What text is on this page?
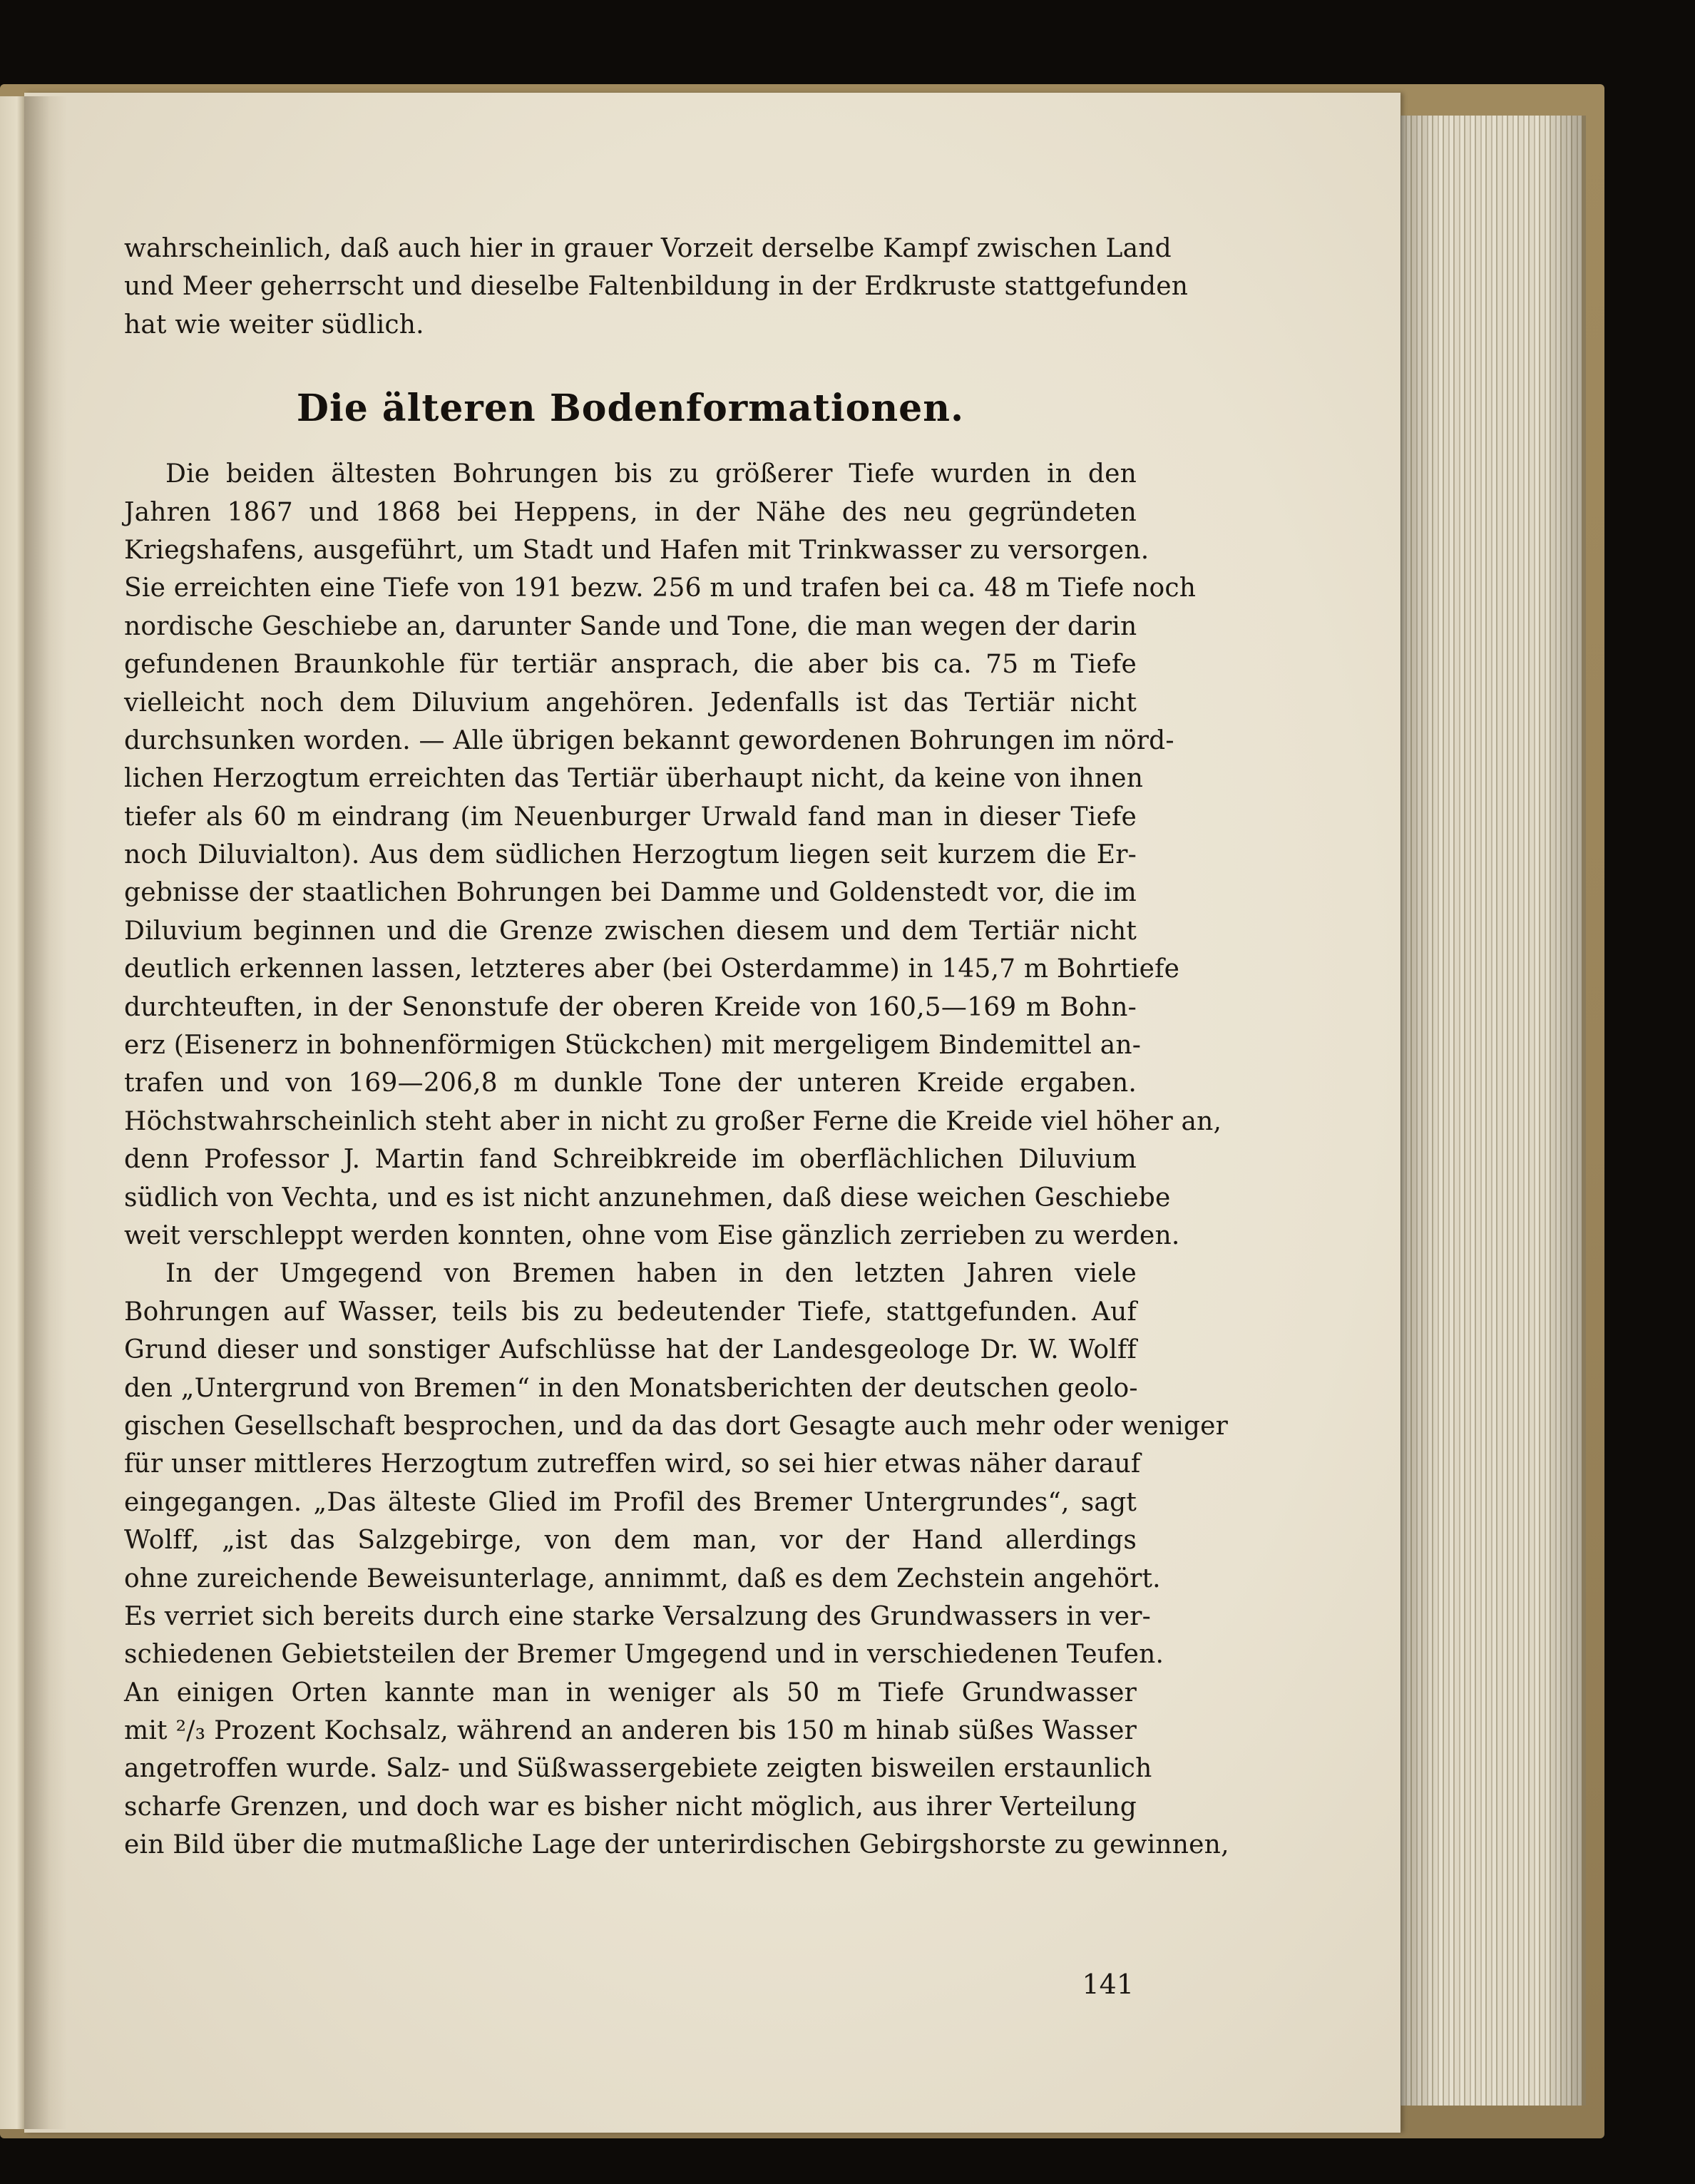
wahrscheinlich, daß auch hier in grauer Vorzeit derselbe Kampf zwischen Land
und Meer geherrscht und dieselbe Faltenbildung in der Erdkruste stattgefunden
hat wie weiter südlich.
Die älteren Bodenformationen.
Die beiden ältesten Bohrungen bis zu größerer Tiefe wurden in den
Jahren 1867 und 1868 bei Heppens, in der Nähe des neu gegründeten
Kriegshafens, ausgeführt, um Stadt und Hafen mit Trinkwasser zu versorgen.
Sie erreichten eine Tiefe von 191 bezw. 256 m und trafen bei ca. 48 m Tiefe noch
nordische Geschiebe an, darunter Sande und Tone, die man wegen der darin
gefundenen Braunkohle für tertiär ansprach, die aber bis ca. 75 m Tiefe
vielleicht noch dem Diluvium angehören. Jedenfalls ist das Tertiär nicht
durchsunken worden. — Alle übrigen bekannt gewordenen Bohrungen im nörd-
lichen Herzogtum erreichten das Tertiär überhaupt nicht, da keine von ihnen
tiefer als 60 m eindrang (im Neuenburger Urwald fand man in dieser Tiefe
noch Diluvialton). Aus dem südlichen Herzogtum liegen seit kurzem die Er-
gebnisse der staatlichen Bohrungen bei Damme und Goldenstedt vor, die im
Diluvium beginnen und die Grenze zwischen diesem und dem Tertiär nicht
deutlich erkennen lassen, letzteres aber (bei Osterdamme) in 145,7 m Bohrtiefe
durchteuften, in der Senonstufe der oberen Kreide von 160,5—169 m Bohn-
erz (Eisenerz in bohnenförmigen Stückchen) mit mergeligem Bindemittel an-
trafen und von 169—206,8 m dunkle Tone der unteren Kreide ergaben.
Höchstwahrscheinlich steht aber in nicht zu großer Ferne die Kreide viel höher an,
denn Professor J. Martin fand Schreibkreide im oberflächlichen Diluvium
südlich von Vechta, und es ist nicht anzunehmen, daß diese weichen Geschiebe
weit verschleppt werden konnten, ohne vom Eise gänzlich zerrieben zu werden.
In der Umgegend von Bremen haben in den letzten Jahren viele
Bohrungen auf Wasser, teils bis zu bedeutender Tiefe, stattgefunden. Auf
Grund dieser und sonstiger Aufschlüsse hat der Landesgeologe Dr. W. Wolff
den „Untergrund von Bremen“ in den Monatsberichten der deutschen geolo-
gischen Gesellschaft besprochen, und da das dort Gesagte auch mehr oder weniger
für unser mittleres Herzogtum zutreffen wird, so sei hier etwas näher darauf
eingegangen. „Das älteste Glied im Profil des Bremer Untergrundes“, sagt
Wolff, „ist das Salzgebirge, von dem man, vor der Hand allerdings
ohne zureichende Beweisunterlage, annimmt, daß es dem Zechstein angehört.
Es verriet sich bereits durch eine starke Versalzung des Grundwassers in ver-
schiedenen Gebietsteilen der Bremer Umgegend und in verschiedenen Teufen.
An einigen Orten kannte man in weniger als 50 m Tiefe Grundwasser
mit ²/₃ Prozent Kochsalz, während an anderen bis 150 m hinab süßes Wasser
angetroffen wurde. Salz- und Süßwassergebiete zeigten bisweilen erstaunlich
scharfe Grenzen, und doch war es bisher nicht möglich, aus ihrer Verteilung
ein Bild über die mutmaßliche Lage der unterirdischen Gebirgshorste zu gewinnen,
141
